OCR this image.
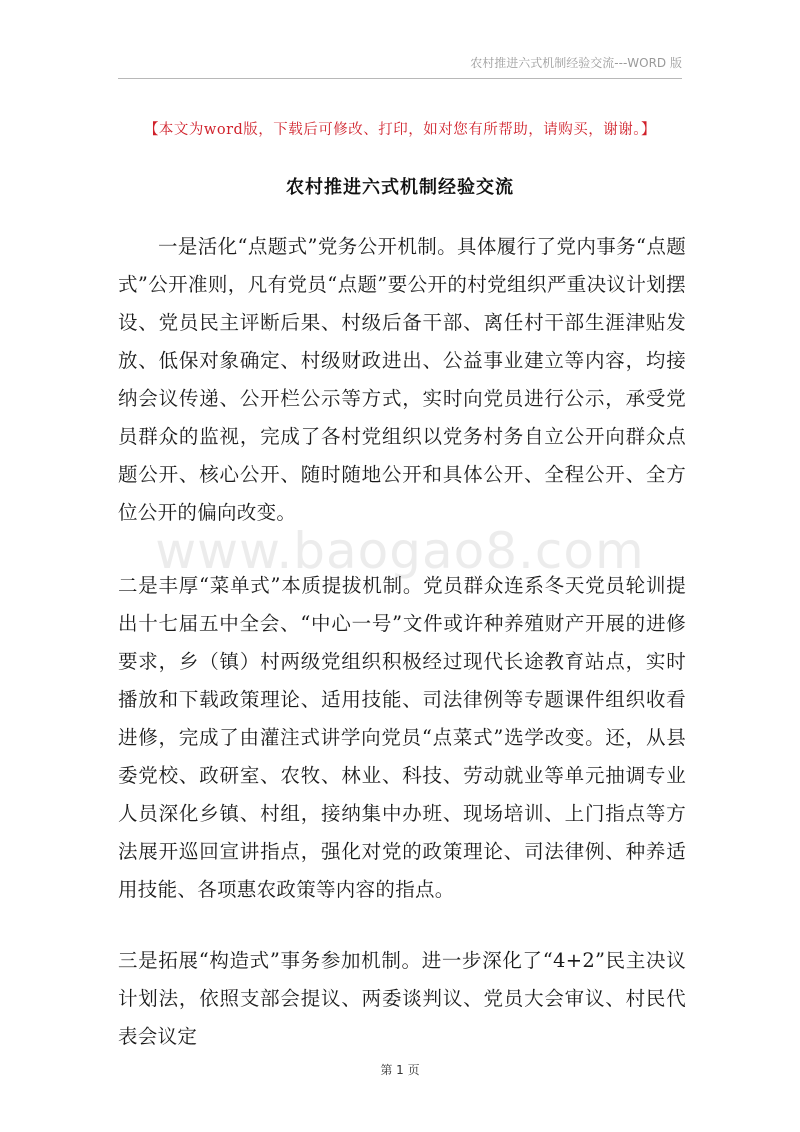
农村推进六式机制经验交流---WORD 版
【本文为word版，下载后可修改、打印，如对您有所帮助，请购买，谢谢。】
农村推进六式机制经验交流

一是活化“点题式”党务公开机制。具体履行了党内事务“点题式”公开准则，凡有党员“点题”要公开的村党组织严重决议计划摆设、党员民主评断后果、村级后备干部、离任村干部生涯津贴发放、低保对象确定、村级财政进出、公益事业建立等内容，均接纳会议传递、公开栏公示等方式，实时向党员进行公示，承受党员群众的监视，完成了各村党组织以党务村务自立公开向群众点题公开、核心公开、随时随地公开和具体公开、全程公开、全方位公开的偏向改变。

www.baogao8.com

二是丰厚“菜单式”本质提拔机制。党员群众连系冬天党员轮训提出十七届五中全会、“中心一号”文件或许种养殖财产开展的进修要求，乡（镇）村两级党组织积极经过现代长途教育站点，实时播放和下载政策理论、适用技能、司法律例等专题课件组织收看进修，完成了由灌注式讲学向党员“点菜式”选学改变。还，从县委党校、政研室、农牧、林业、科技、劳动就业等单元抽调专业人员深化乡镇、村组，接纳集中办班、现场培训、上门指点等方法展开巡回宣讲指点，强化对党的政策理论、司法律例、种养适用技能、各项惠农政策等内容的指点。

三是拓展“构造式”事务参加机制。进一步深化了“4+2”民主决议计划法，依照支部会提议、两委谈判议、党员大会审议、村民代表会议定

第 1 页
